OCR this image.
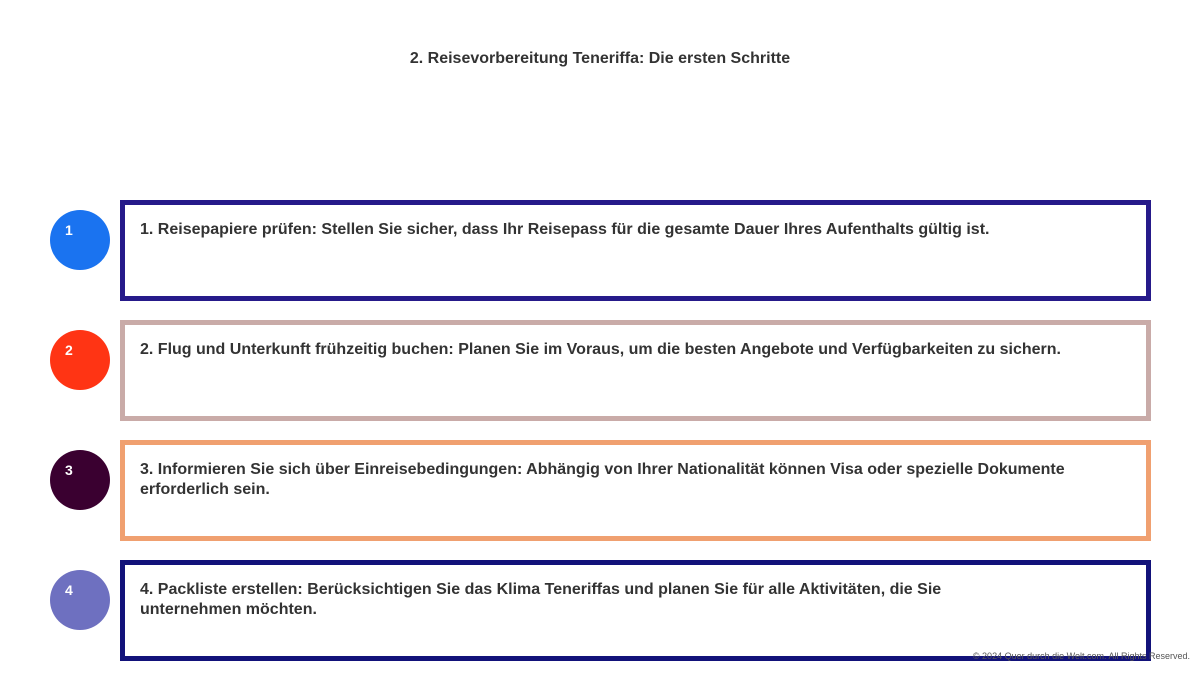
2. Reisevorbereitung Teneriffa: Die ersten Schritte
1	1. Reisepapiere prüfen: Stellen Sie sicher, dass Ihr Reisepass für die gesamte Dauer Ihres Aufenthalts gültig ist.

2	2. Flug und Unterkunft frühzeitig buchen: Planen Sie im Voraus, um die besten Angebote und Verfügbarkeiten zu sichern.

3	3. Informieren Sie sich über Einreisebedingungen: Abhängig von Ihrer Nationalität können Visa oder spezielle Dokumente erforderlich sein.

4	4. Packliste erstellen: Berücksichtigen Sie das Klima Teneriffas und planen Sie für alle Aktivitäten, die Sie unternehmen möchten.

© 2024 Quer durch die Welt.com. All Rights Reserved.
